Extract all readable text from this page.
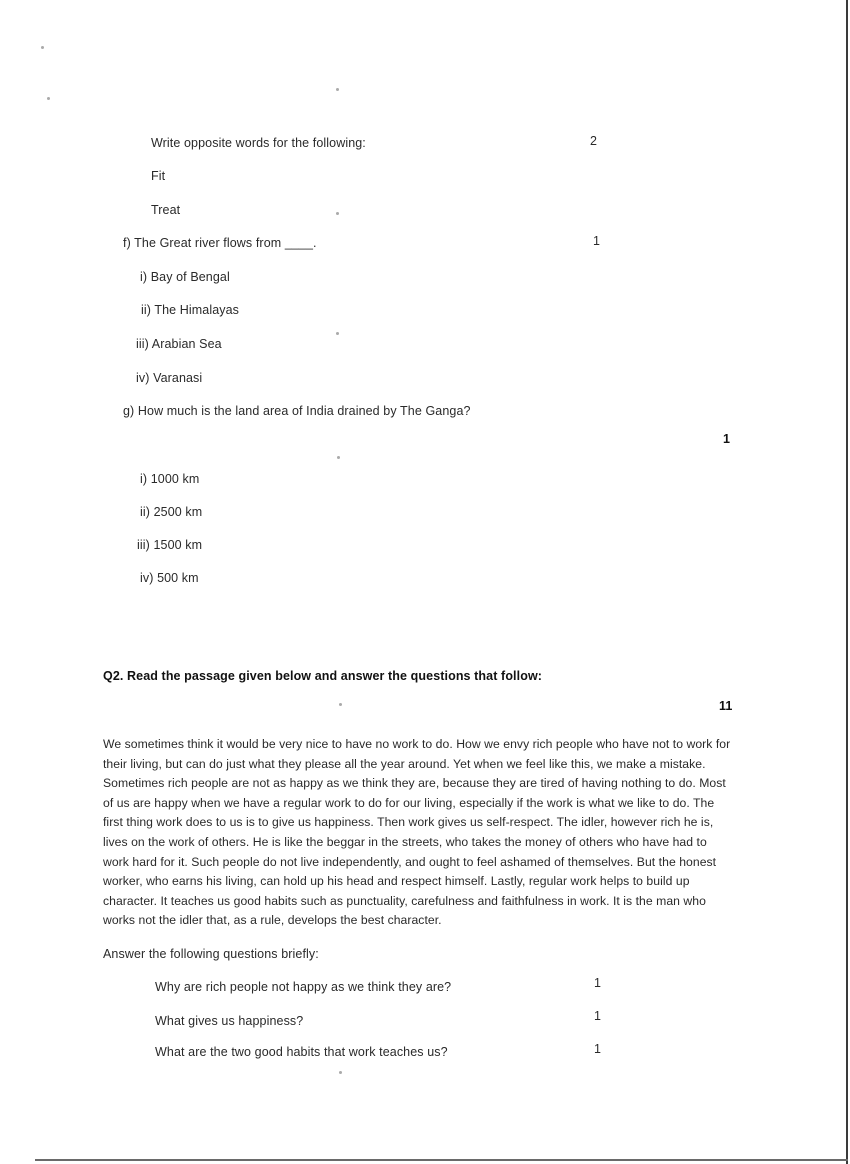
Write opposite words for the following:	2
Fit
Treat
f) The Great river flows from ____.	1
i) Bay of Bengal
ii) The Himalayas
iii) Arabian Sea
iv) Varanasi
g) How much is the land area of India drained by The Ganga?
1
i) 1000 km
ii) 2500 km
iii) 1500 km
iv) 500 km
Q2. Read the passage given below and answer the questions that follow:
11
We sometimes think it would be very nice to have no work to do. How we envy rich people who have not to work for their living, but can do just what they please all the year around. Yet when we feel like this, we make a mistake. Sometimes rich people are not as happy as we think they are, because they are tired of having nothing to do. Most of us are happy when we have a regular work to do for our living, especially if the work is what we like to do. The first thing work does to us is to give us happiness. Then work gives us self-respect. The idler, however rich he is, lives on the work of others. He is like the beggar in the streets, who takes the money of others who have had to work hard for it. Such people do not live independently, and ought to feel ashamed of themselves. But the honest worker, who earns his living, can hold up his head and respect himself. Lastly, regular work helps to build up character. It teaches us good habits such as punctuality, carefulness and faithfulness in work. It is the man who works not the idler that, as a rule, develops the best character.
Answer the following questions briefly:
Why are rich people not happy as we think they are?	1
What gives us happiness?	1
What are the two good habits that work teaches us?	1
